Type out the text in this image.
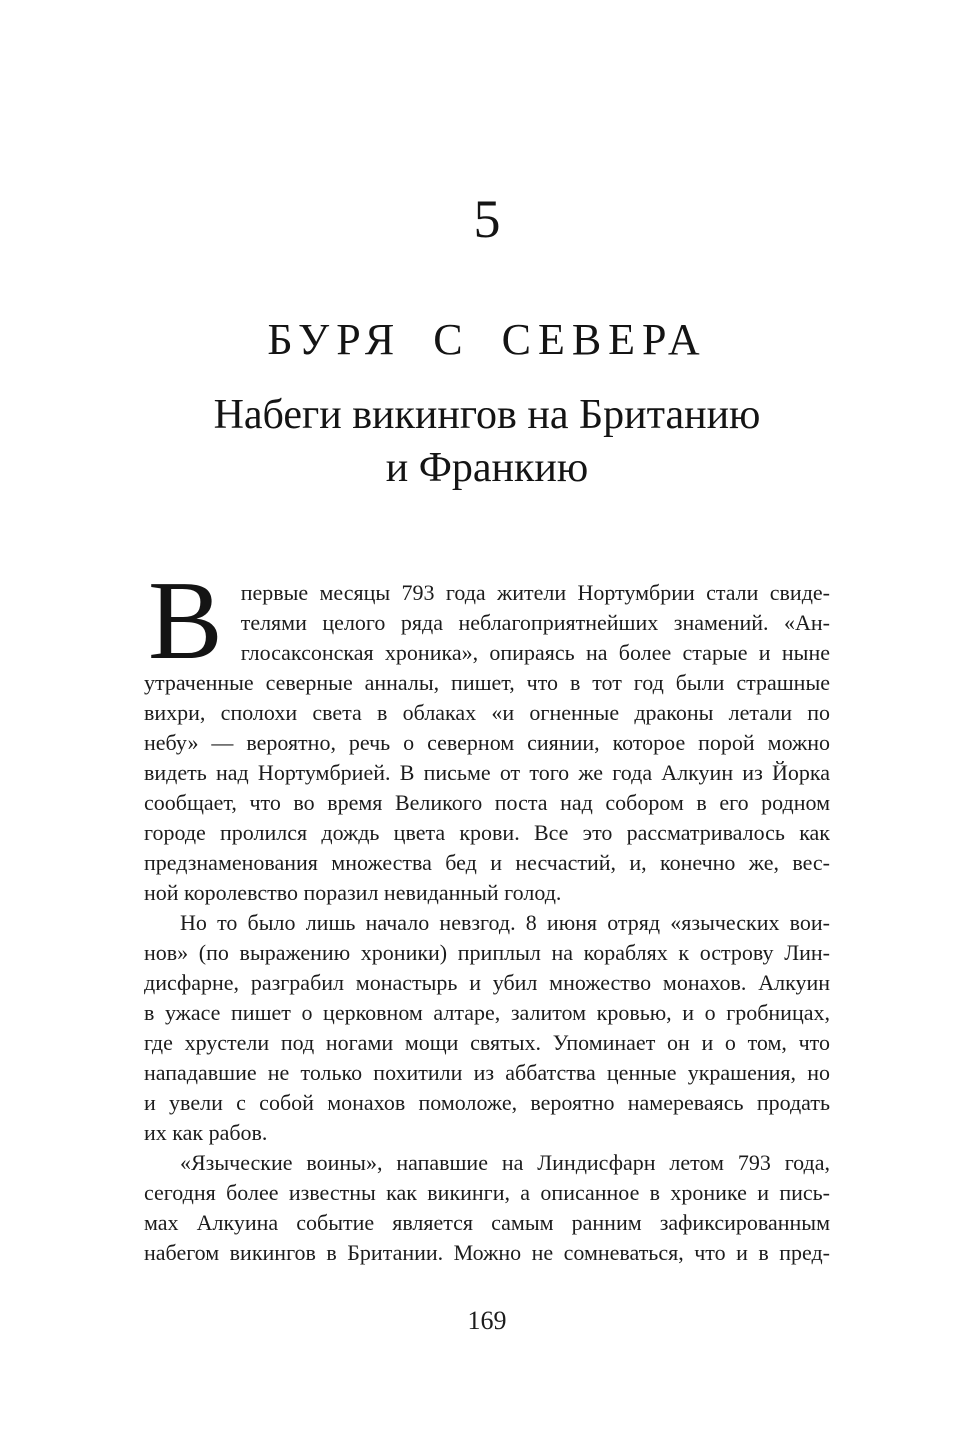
5
БУРЯ С СЕВЕРА
Набеги викингов на Британию
и Франкию
В первые месяцы 793 года жители Нортумбрии стали свиде-
телями целого ряда неблагоприятнейших знамений. «Ан-
глосаксонская хроника», опираясь на более старые и ныне
утраченные северные анналы, пишет, что в тот год были страшные
вихри, сполохи света в облаках «и огненные драконы летали по
небу» — вероятно, речь о северном сиянии, которое порой можно
видеть над Нортумбрией. В письме от того же года Алкуин из Йорка
сообщает, что во время Великого поста над собором в его родном
городе пролился дождь цвета крови. Все это рассматривалось как
предзнаменования множества бед и несчастий, и, конечно же, вес-
ной королевство поразил невиданный голод.
Но то было лишь начало невзгод. 8 июня отряд «языческих вои-
нов» (по выражению хроники) приплыл на кораблях к острову Лин-
дисфарне, разграбил монастырь и убил множество монахов. Алкуин
в ужасе пишет о церковном алтаре, залитом кровью, и о гробницах,
где хрустели под ногами мощи святых. Упоминает он и о том, что
нападавшие не только похитили из аббатства ценные украшения, но
и увели с собой монахов помоложе, вероятно намереваясь продать
их как рабов.
«Языческие воины», напавшие на Линдисфарн летом 793 года,
сегодня более известны как викинги, а описанное в хронике и пись-
мах Алкуина событие является самым ранним зафиксированным
набегом викингов в Британии. Можно не сомневаться, что и в пред-
169
